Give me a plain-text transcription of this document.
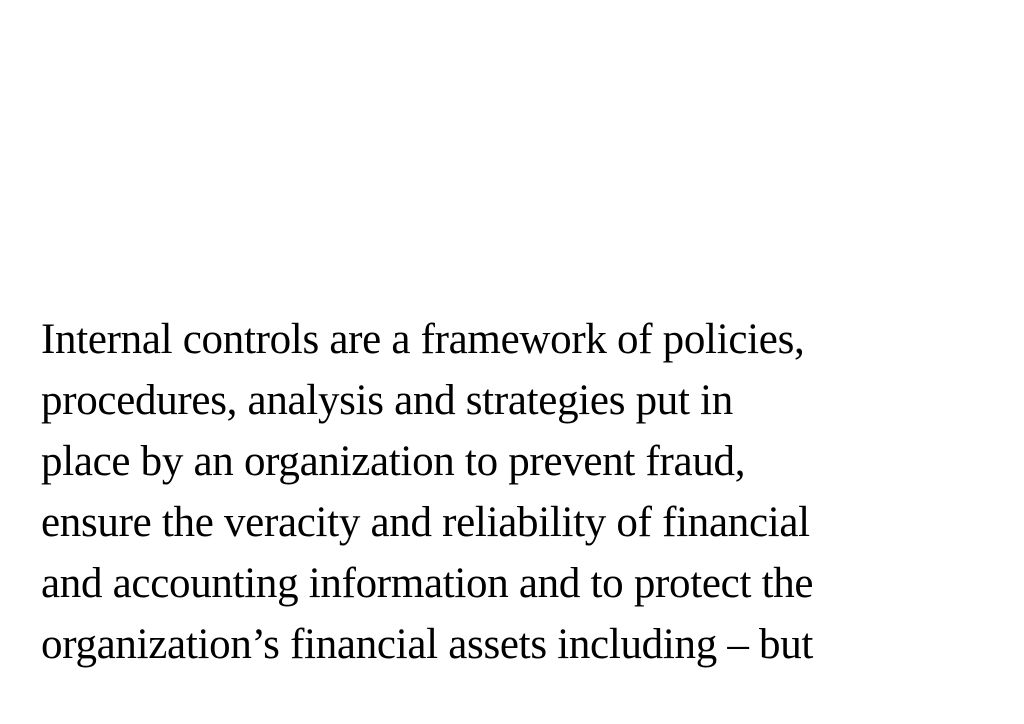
Internal controls are a framework of policies,
procedures, analysis and strategies put in
place by an organization to prevent fraud,
ensure the veracity and reliability of financial
and accounting information and to protect the
organization’s financial assets including – but
